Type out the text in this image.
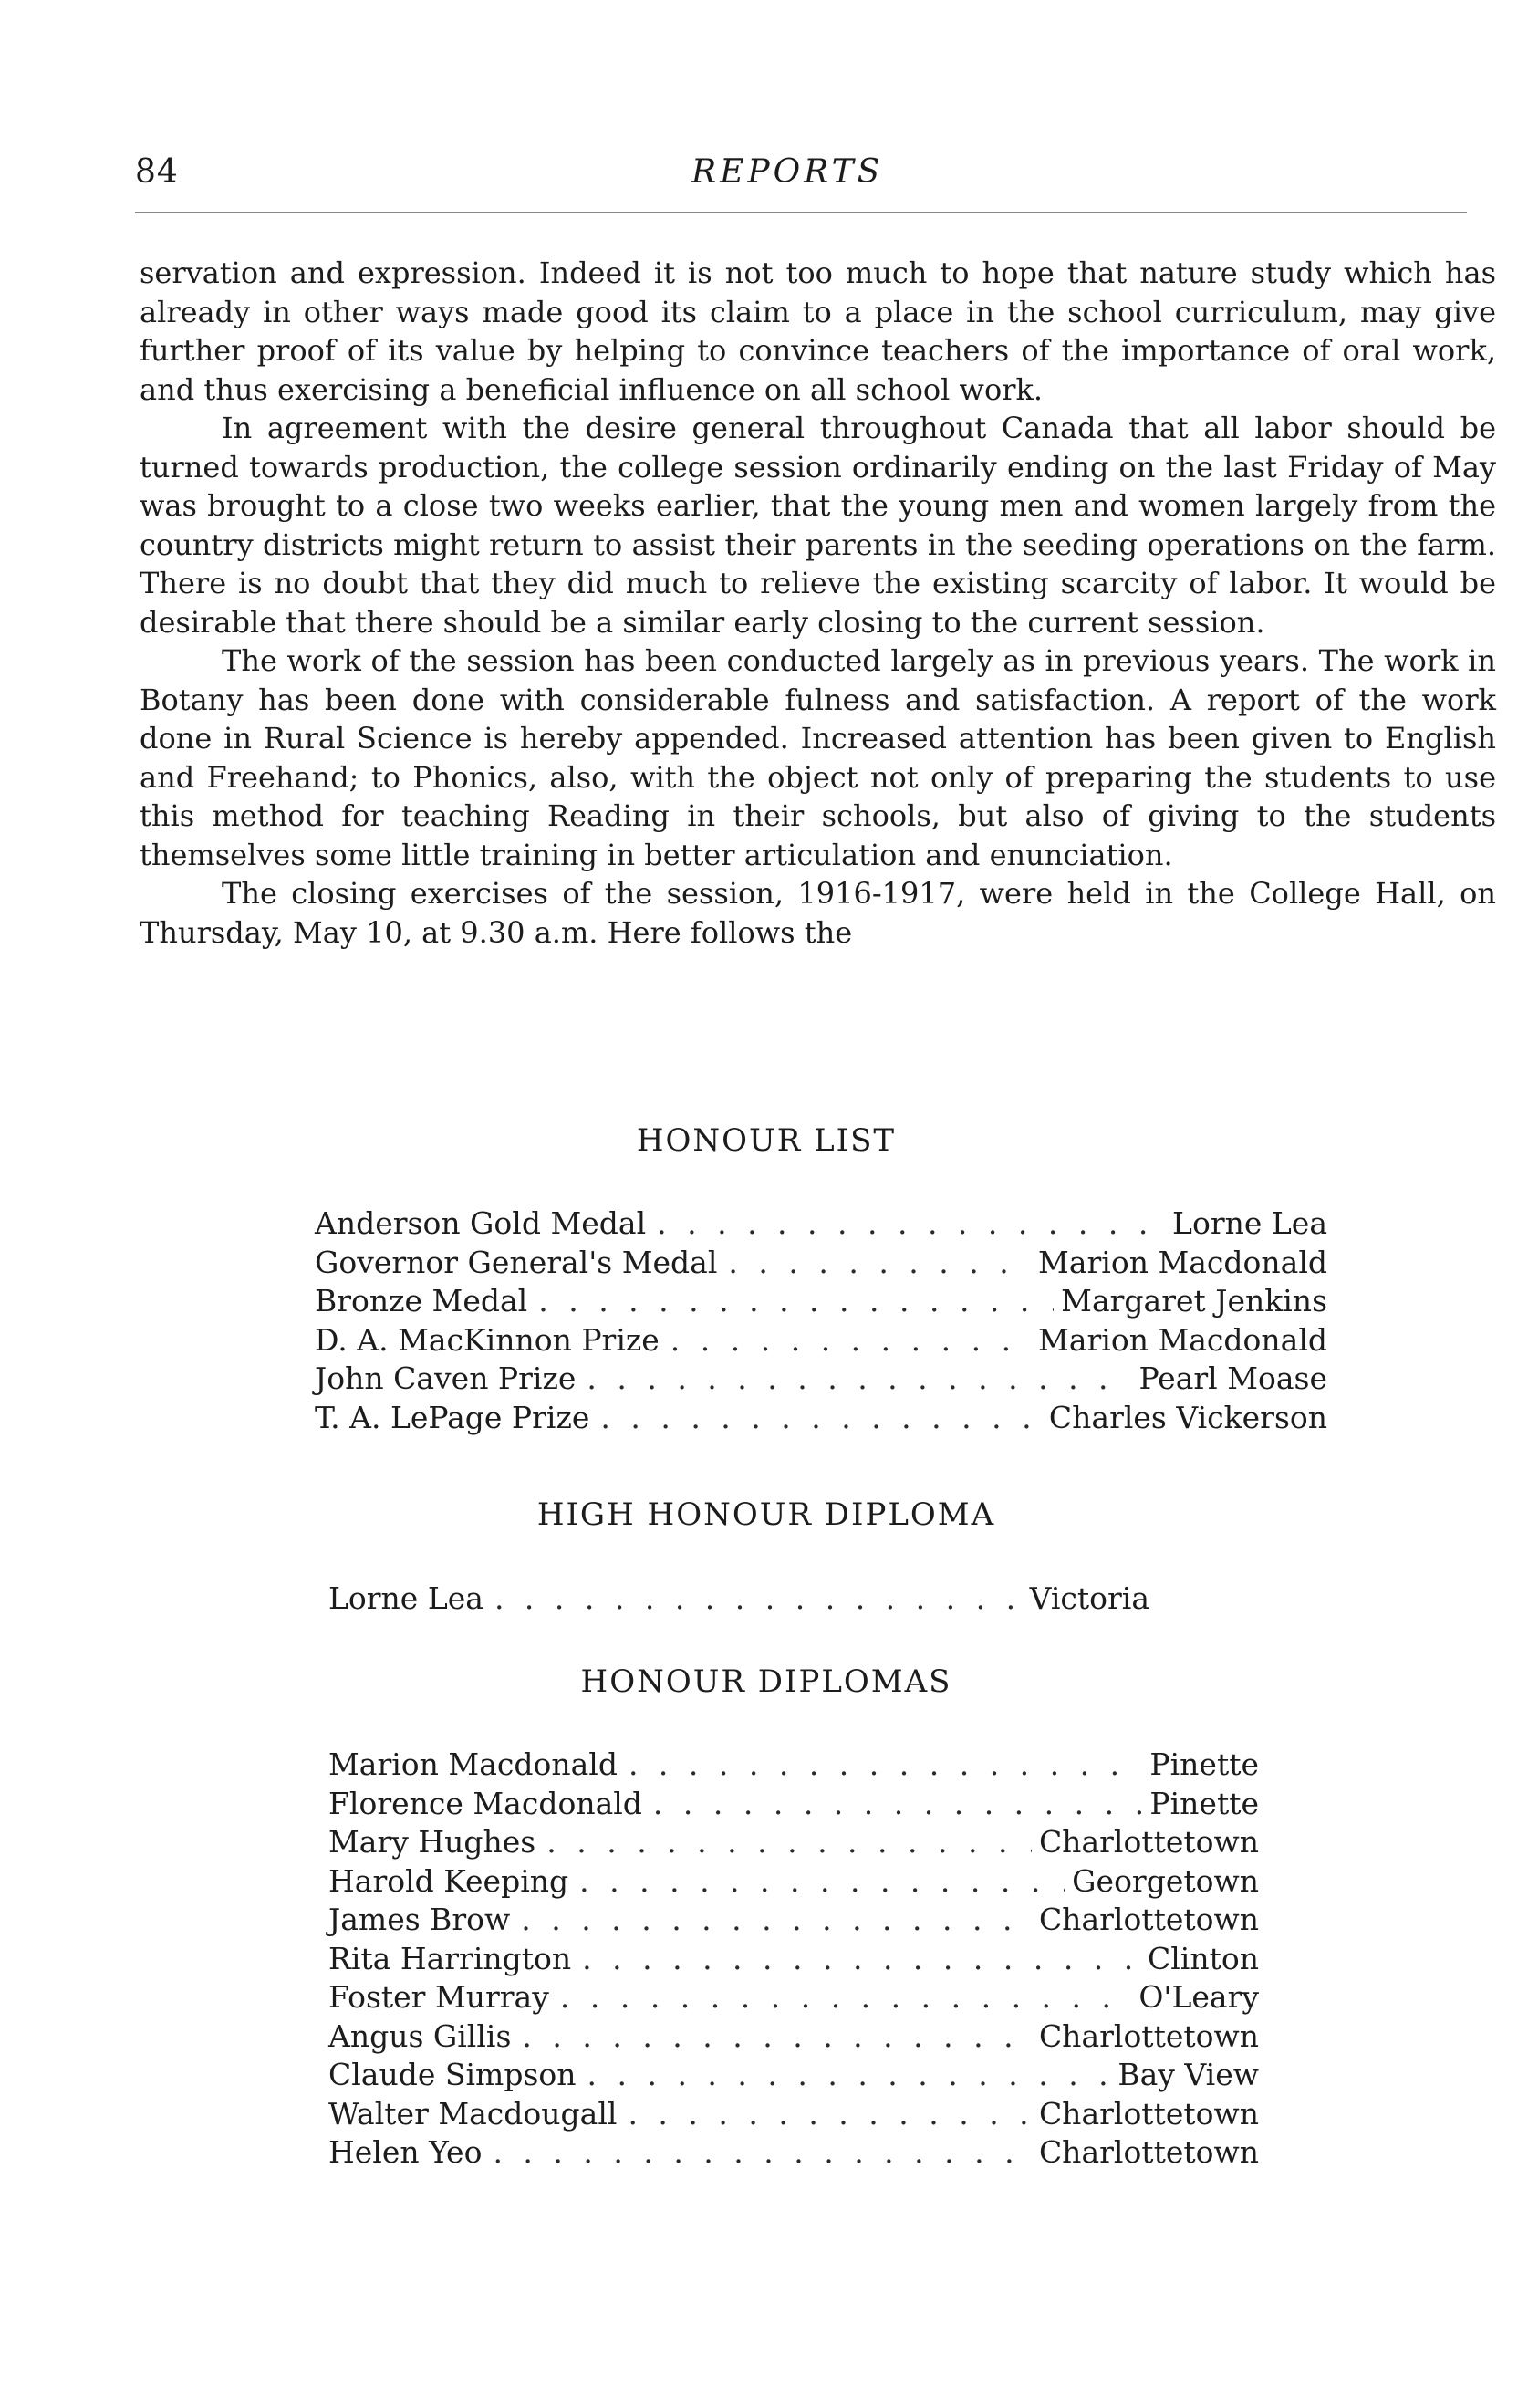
84	REPORTS

servation and expression. Indeed it is not too much to hope that nature study which has already in other ways made good its claim to a place in the school curriculum, may give further proof of its value by helping to convince teachers of the importance of oral work, and thus exercising a beneficial influence on all school work.

In agreement with the desire general throughout Canada that all labor should be turned towards production, the college session ordinarily ending on the last Friday of May was brought to a close two weeks earlier, that the young men and women largely from the country districts might return to assist their parents in the seeding operations on the farm. There is no doubt that they did much to relieve the existing scarcity of labor. It would be desirable that there should be a similar early closing to the current session.

The work of the session has been conducted largely as in previous years. The work in Botany has been done with considerable fulness and satisfaction. A report of the work done in Rural Science is hereby appended. Increased attention has been given to English and Freehand; to Phonics, also, with the object not only of preparing the students to use this method for teaching Reading in their schools, but also of giving to the students themselves some little training in better articulation and enunciation.

The closing exercises of the session, 1916-1917, were held in the College Hall, on Thursday, May 10, at 9.30 a.m. Here follows the

HONOUR LIST
Anderson Gold Medal . . .	Lorne Lea
Governor General's Medal . . .	Marion Macdonald
Bronze Medal . . .	Margaret Jenkins
D. A. MacKinnon Prize . . .	Marion Macdonald
John Caven Prize . . .	Pearl Moase
T. A. LePage Prize . . .	Charles Vickerson
HIGH HONOUR DIPLOMA
Lorne Lea . . .	Victoria
HONOUR DIPLOMAS
Marion Macdonald . . .	Pinette
Florence Macdonald . . .	Pinette
Mary Hughes . . .	Charlottetown
Harold Keeping . . .	Georgetown
James Brow . . .	Charlottetown
Rita Harrington . . .	Clinton
Foster Murray . . .	O'Leary
Angus Gillis . . .	Charlottetown
Claude Simpson . . .	Bay View
Walter Macdougall . . .	Charlottetown
Helen Yeo . . .	Charlottetown
